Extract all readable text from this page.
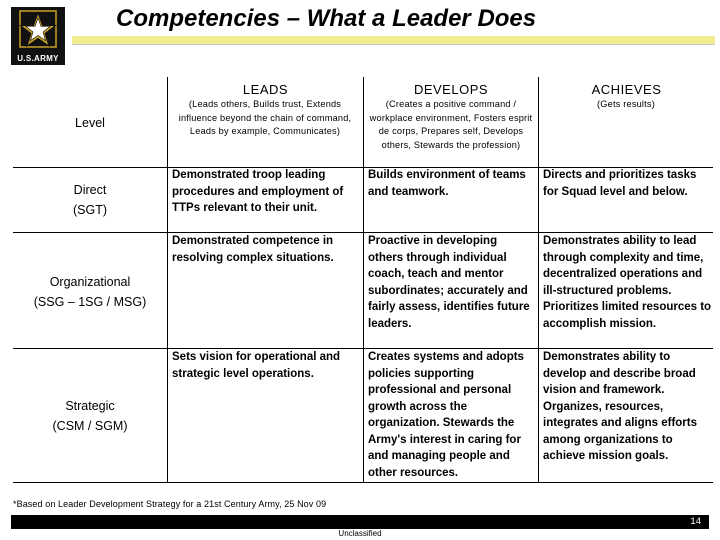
U.S.ARMY
Competencies – What a Leader Does
LEADS	DEVELOPS	ACHIEVES
(Leads others, Builds trust, Extends influence beyond the chain of command, Leads by example, Communicates)
(Creates a positive command / workplace environment, Fosters esprit de corps, Prepares self, Develops others, Stewards the profession)
(Gets results)
Level
Direct
(SGT)
Organizational
(SSG – 1SG / MSG)
Strategic
(CSM / SGM)
Demonstrated troop leading procedures and employment of TTPs relevant to their unit.
Builds environment of teams and teamwork.
Directs and prioritizes tasks for Squad level and below.
Demonstrated competence in resolving complex situations.
Proactive in developing others through individual coach, teach and mentor subordinates; accurately and fairly assess, identifies future leaders.
Demonstrates ability to lead through complexity and time, decentralized operations and ill-structured problems. Prioritizes limited resources to accomplish mission.
Sets vision for operational and strategic level operations.
Creates systems and adopts policies supporting professional and personal growth across the organization. Stewards the Army's interest in caring for and managing people and other resources.
Demonstrates ability to develop and describe broad vision and framework. Organizes, resources, integrates and aligns efforts among organizations to achieve mission goals.
*Based on Leader Development Strategy for a 21st Century Army, 25 Nov 09
14
Unclassified
